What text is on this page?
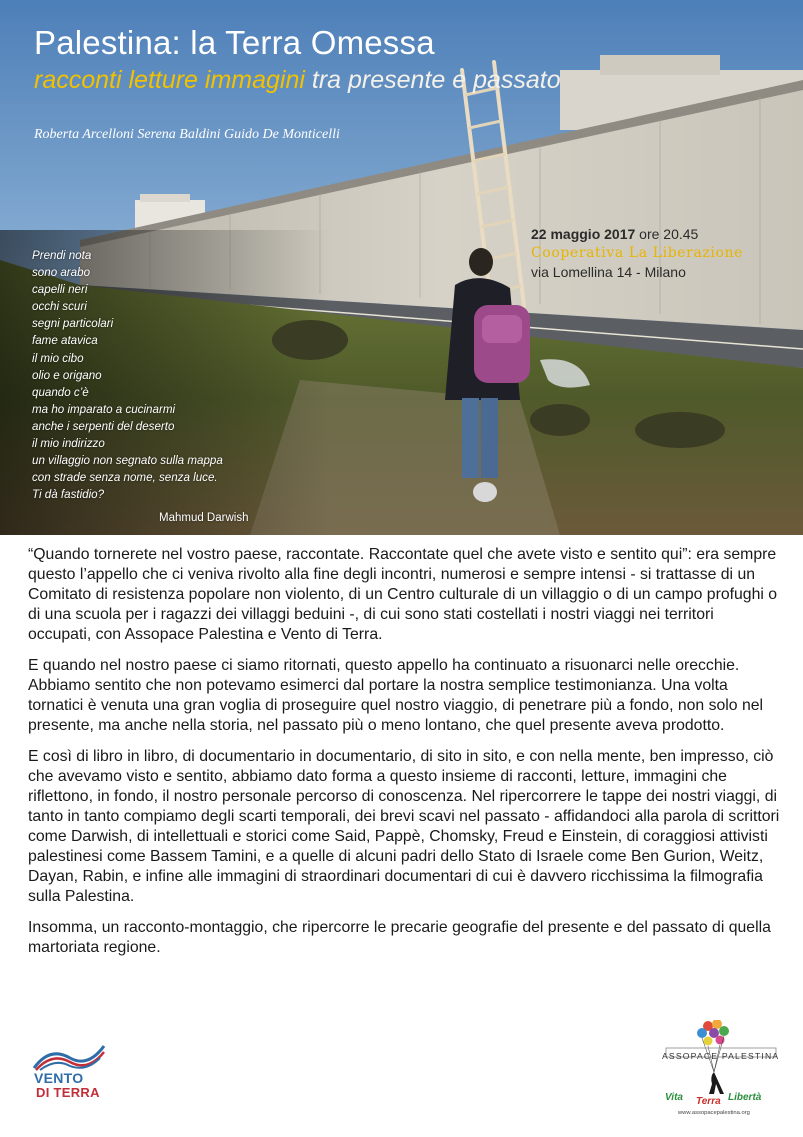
Palestina: la Terra Omessa
racconti letture immagini tra presente e passato
Roberta Arcelloni Serena Baldini Guido De Monticelli
22 maggio 2017 ore 20.45
Cooperativa La Liberazione
via Lomellina 14 - Milano
Prendi nota
sono arabo
capelli neri
occhi scuri
segni particolari
fame atavica
il mio cibo
olio e origano
quando c’è
ma ho imparato a cucinarmi
anche i serpenti del deserto
il mio indirizzo
un villaggio non segnato sulla mappa
con strade senza nome, senza luce.
Ti dà fastidio?
Mahmud Darwish

“Quando tornerete nel vostro paese, raccontate. Raccontate quel che avete visto e sentito qui”: era sempre questo l’appello che ci veniva rivolto alla fine degli incontri, numerosi e sempre intensi - si trattasse di un Comitato di resistenza popolare non violento, di un Centro culturale di un villaggio o di un campo profughi o di una scuola per i ragazzi dei villaggi beduini -, di cui sono stati costellati i nostri viaggi nei territori occupati, con Assopace Palestina e Vento di Terra.

E quando nel nostro paese ci siamo ritornati, questo appello ha continuato a risuonarci nelle orecchie. Abbiamo sentito che non potevamo esimerci dal portare la nostra semplice testimonianza. Una volta tornatici è venuta una gran voglia di proseguire quel nostro viaggio, di penetrare più a fondo, non solo nel presente, ma anche nella storia, nel passato più o meno lontano, che quel presente aveva prodotto.

E così di libro in libro, di documentario in documentario, di sito in sito, e con nella mente, ben impresso, ciò che avevamo visto e sentito, abbiamo dato forma a questo insieme di racconti, letture, immagini che riflettono, in fondo, il nostro personale percorso di conoscenza. Nel ripercorrere le tappe dei nostri viaggi, di tanto in tanto compiamo degli scarti temporali, dei brevi scavi nel passato - affidandoci alla parola di scrittori come Darwish, di intellettuali e storici come Said, Pappè, Chomsky, Freud e Einstein, di coraggiosi attivisti palestinesi come Bassem Tamini, e a quelle di alcuni padri dello Stato di Israele come Ben Gurion, Weitz, Dayan, Rabin, e infine alle immagini di straordinari documentari di cui è davvero ricchissima la filmografia sulla Palestina.

Insomma, un racconto-montaggio, che ripercorre le precarie geografie del presente e del passato di quella martoriata regione.

VENTO
DI TERRA
ASSOPACE PALESTINA
Vita Terra Libertà
www.assopacepalestina.org
